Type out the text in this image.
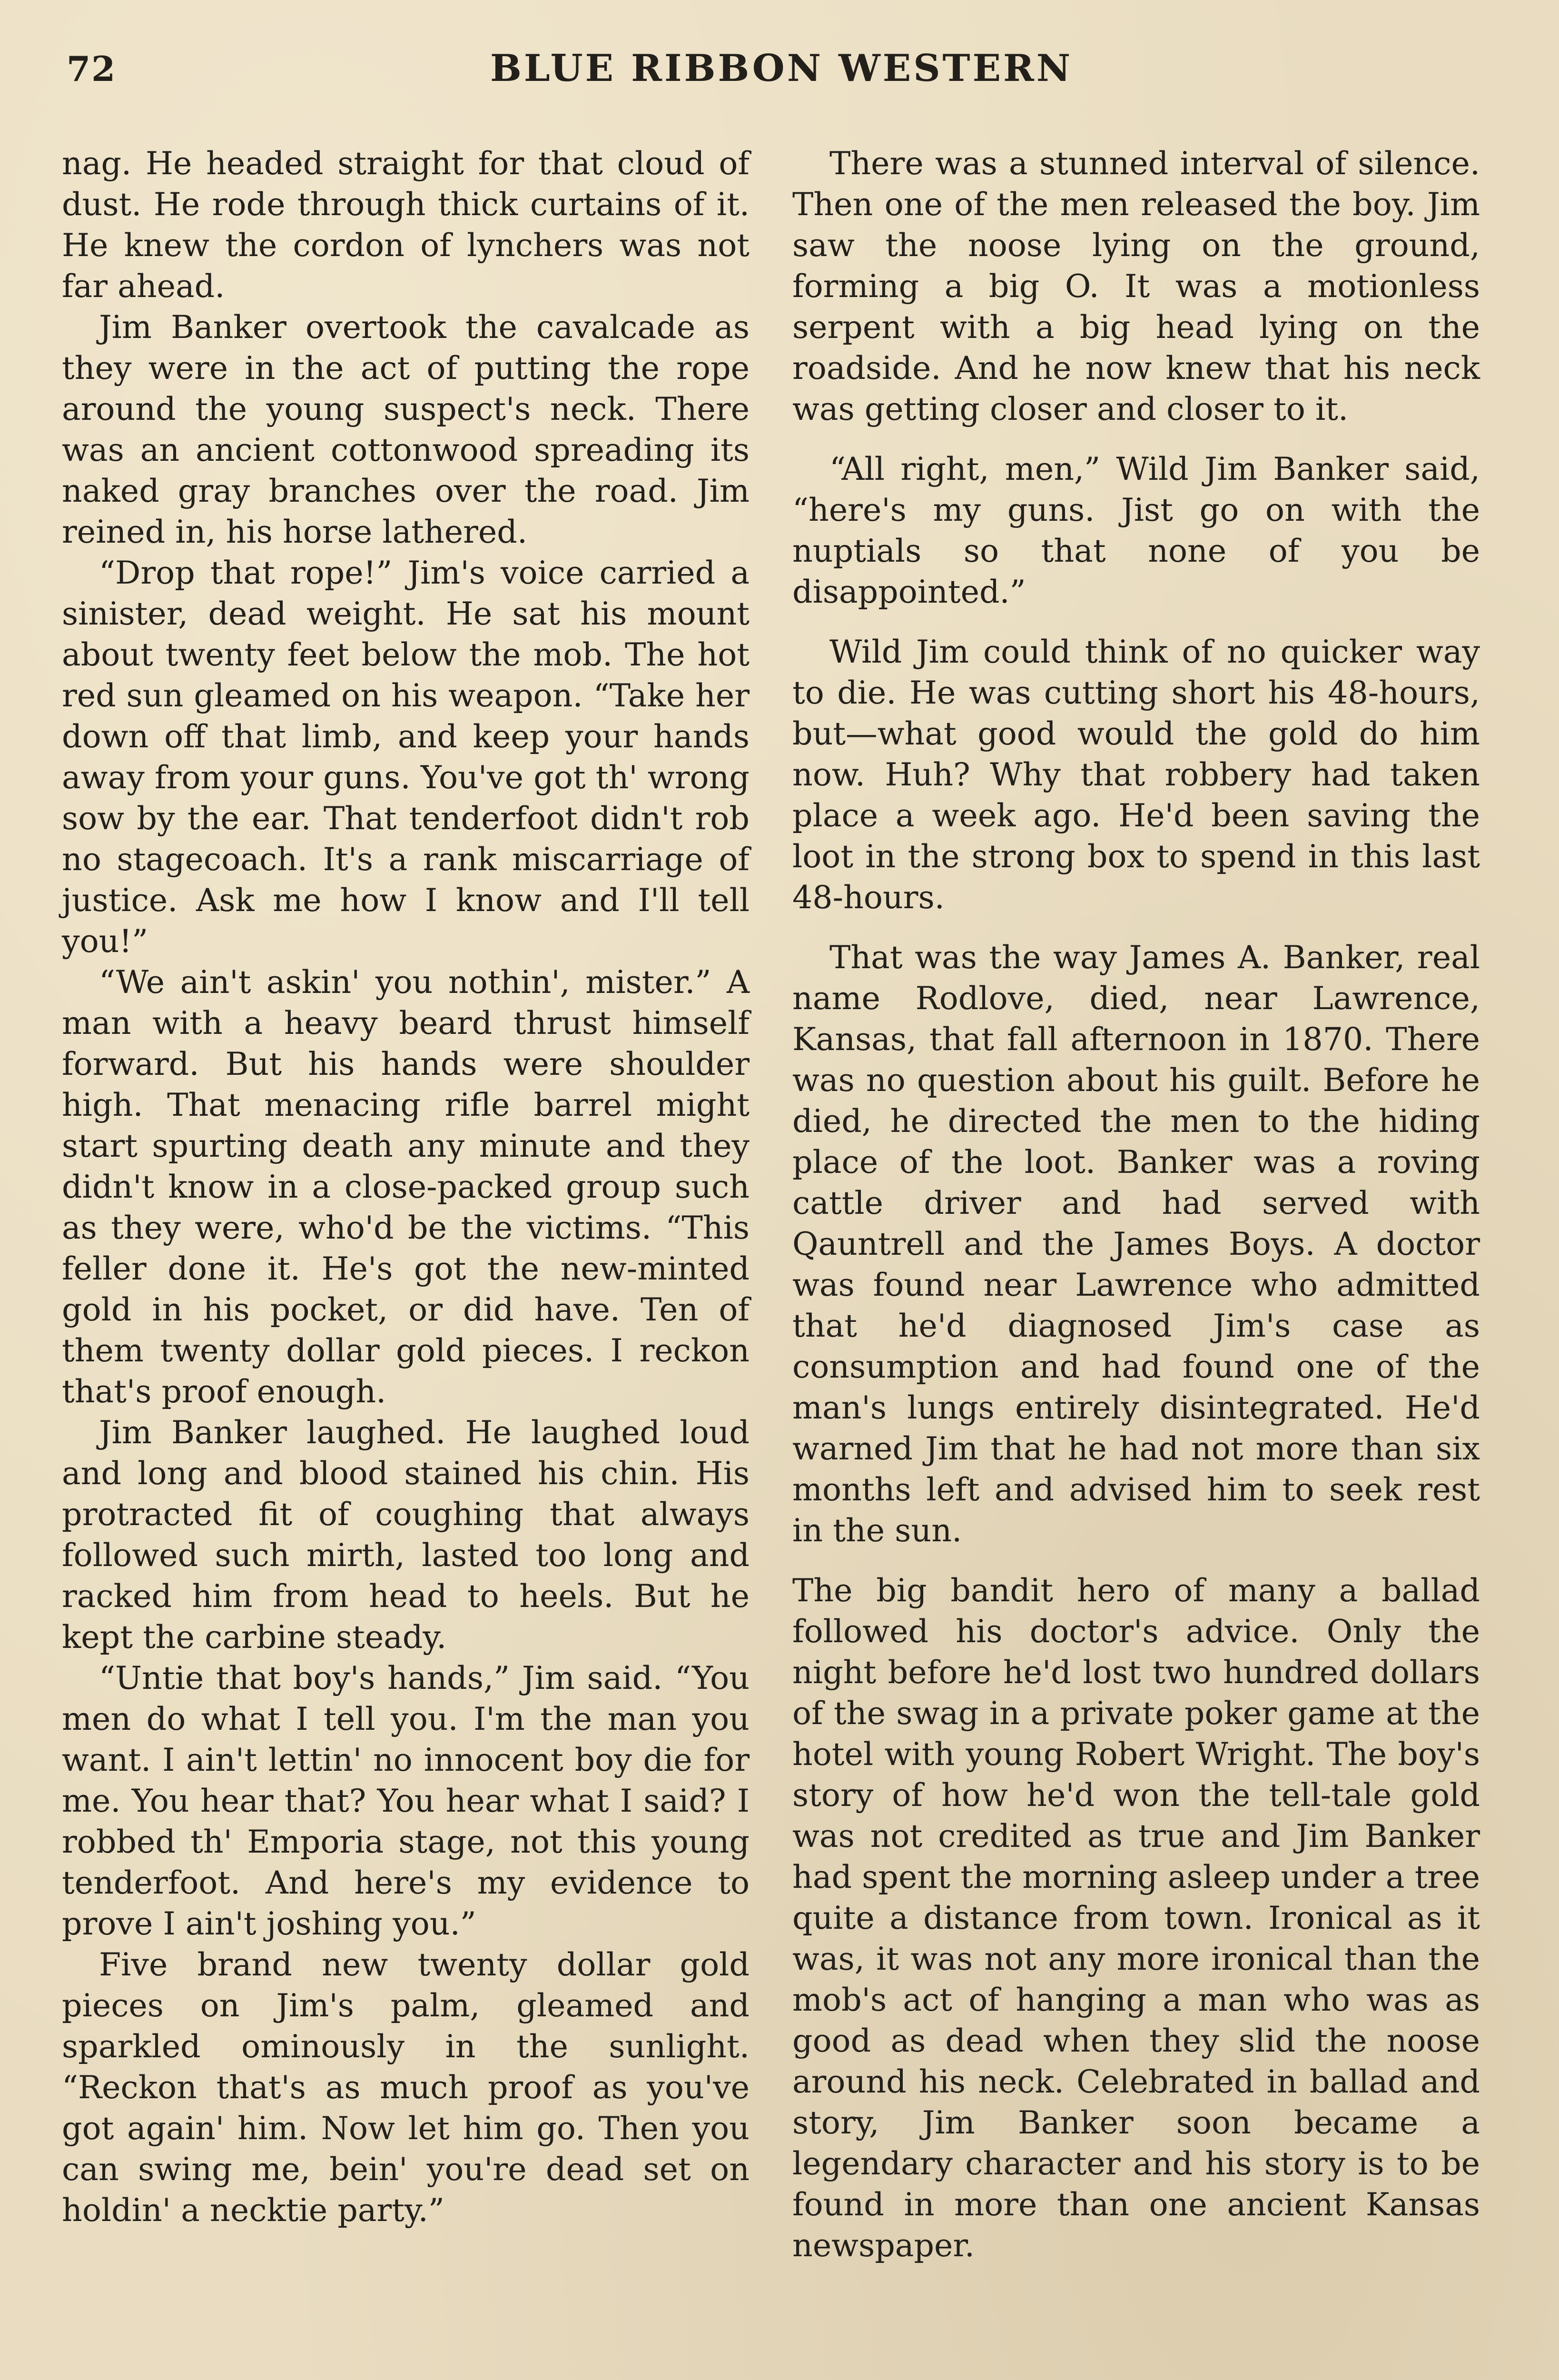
72	BLUE RIBBON WESTERN

nag. He headed straight for that cloud of dust. He rode through thick curtains of it. He knew the cordon of lynchers was not far ahead.

Jim Banker overtook the cavalcade as they were in the act of putting the rope around the young suspect's neck. There was an ancient cottonwood spreading its naked gray branches over the road. Jim reined in, his horse lathered.

“Drop that rope!” Jim's voice carried a sinister, dead weight. He sat his mount about twenty feet below the mob. The hot red sun gleamed on his weapon. “Take her down off that limb, and keep your hands away from your guns. You've got th' wrong sow by the ear. That tenderfoot didn't rob no stagecoach. It's a rank miscarriage of justice. Ask me how I know and I'll tell you!”

“We ain't askin' you nothin', mister.” A man with a heavy beard thrust himself forward. But his hands were shoulder high. That menacing rifle barrel might start spurting death any minute and they didn't know in a close-packed group such as they were, who'd be the victims. “This feller done it. He's got the new-minted gold in his pocket, or did have. Ten of them twenty dollar gold pieces. I reckon that's proof enough.

Jim Banker laughed. He laughed loud and long and blood stained his chin. His protracted fit of coughing that always followed such mirth, lasted too long and racked him from head to heels. But he kept the carbine steady.

“Untie that boy's hands,” Jim said. “You men do what I tell you. I'm the man you want. I ain't lettin' no innocent boy die for me. You hear that? You hear what I said? I robbed th' Emporia stage, not this young tenderfoot. And here's my evidence to prove I ain't joshing you.”

Five brand new twenty dollar gold pieces on Jim's palm, gleamed and sparkled ominously in the sunlight. “Reckon that's as much proof as you've got again' him. Now let him go. Then you can swing me, bein' you're dead set on holdin' a necktie party.”

There was a stunned interval of silence. Then one of the men released the boy. Jim saw the noose lying on the ground, forming a big O. It was a motionless serpent with a big head lying on the roadside. And he now knew that his neck was getting closer and closer to it.

“All right, men,” Wild Jim Banker said, “here's my guns. Jist go on with the nuptials so that none of you be disappointed.”

Wild Jim could think of no quicker way to die. He was cutting short his 48-hours, but—what good would the gold do him now. Huh? Why that robbery had taken place a week ago. He'd been saving the loot in the strong box to spend in this last 48-hours.

That was the way James A. Banker, real name Rodlove, died, near Lawrence, Kansas, that fall afternoon in 1870. There was no question about his guilt. Before he died, he directed the men to the hiding place of the loot. Banker was a roving cattle driver and had served with Qauntrell and the James Boys. A doctor was found near Lawrence who admitted that he'd diagnosed Jim's case as consumption and had found one of the man's lungs entirely disintegrated. He'd warned Jim that he had not more than six months left and advised him to seek rest in the sun.

The big bandit hero of many a ballad followed his doctor's advice. Only the night before he'd lost two hundred dollars of the swag in a private poker game at the hotel with young Robert Wright. The boy's story of how he'd won the tell-tale gold was not credited as true and Jim Banker had spent the morning asleep under a tree quite a distance from town. Ironical as it was, it was not any more ironical than the mob's act of hanging a man who was as good as dead when they slid the noose around his neck. Celebrated in ballad and story, Jim Banker soon became a legendary character and his story is to be found in more than one ancient Kansas newspaper.
